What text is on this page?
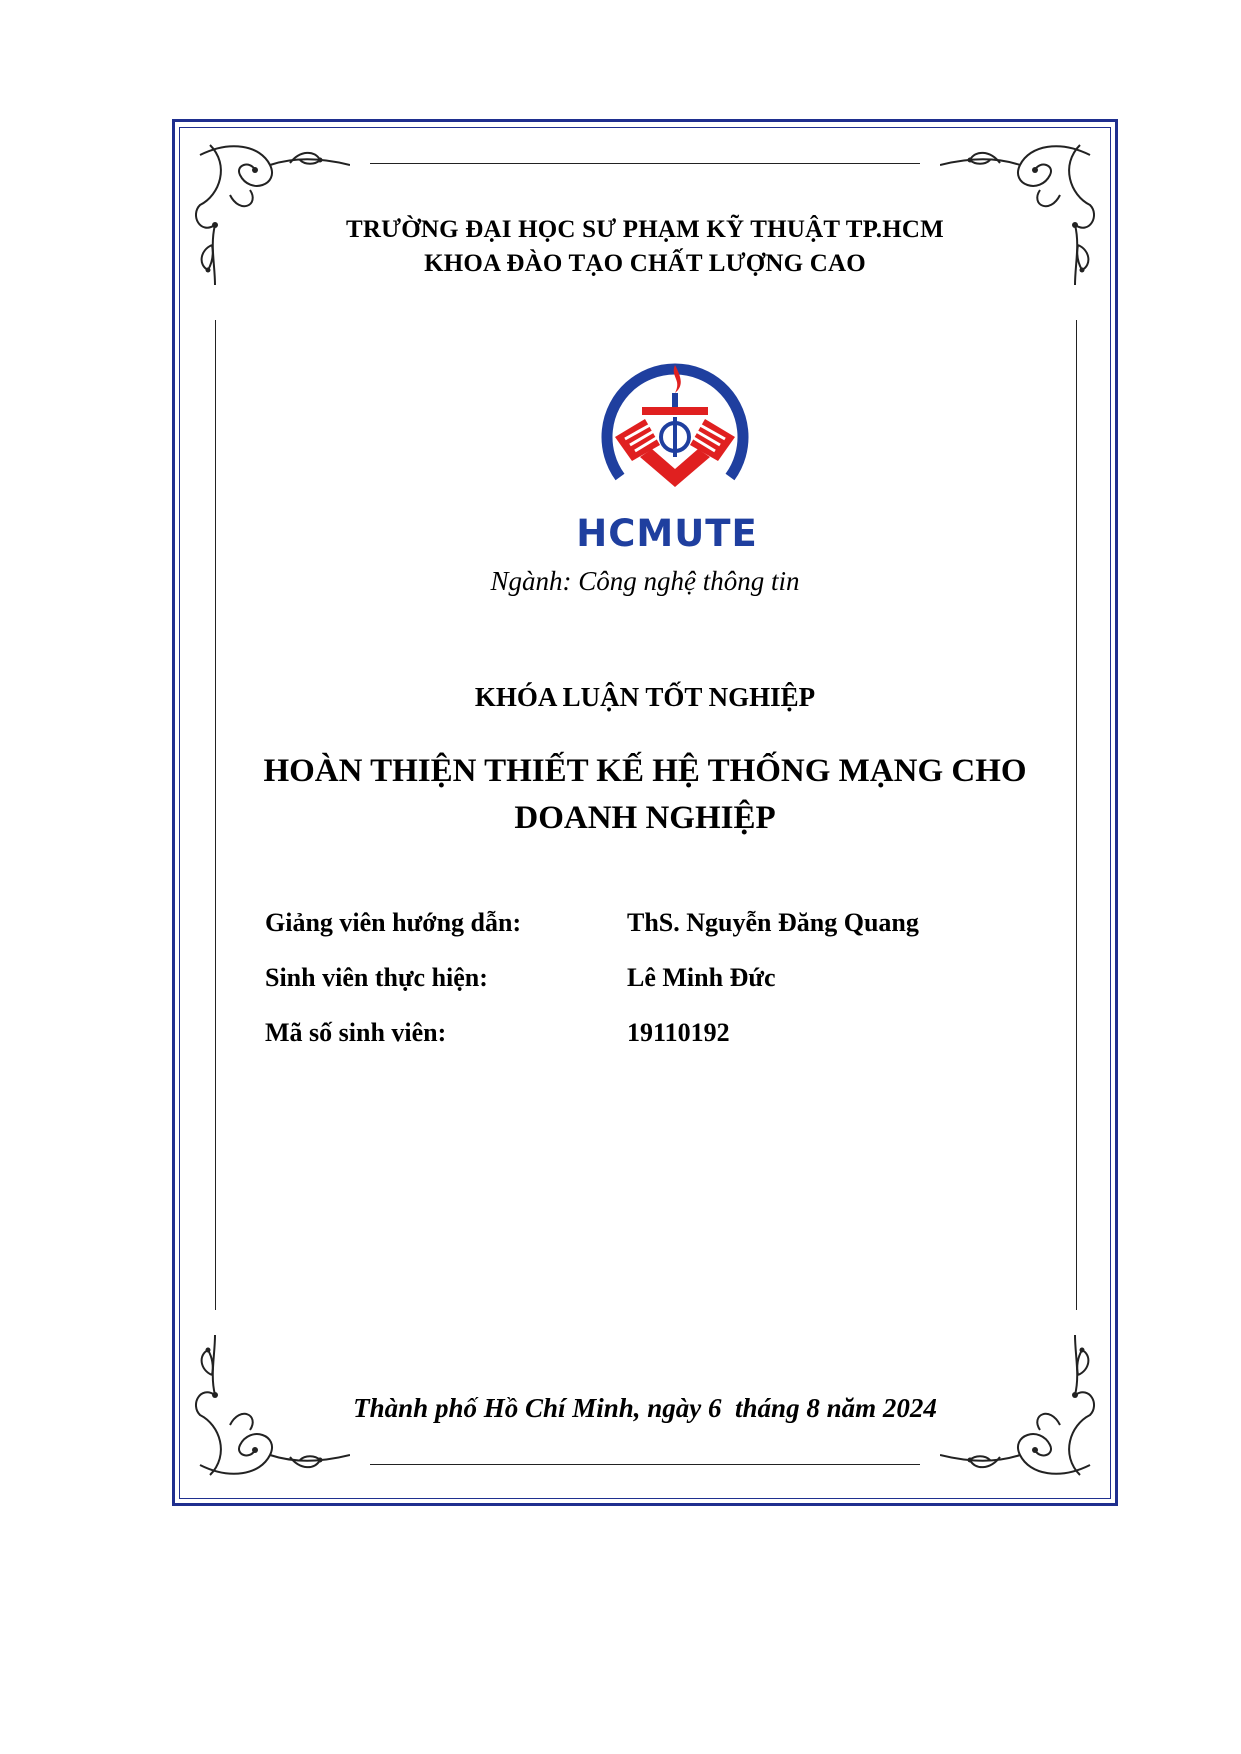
TRƯỜNG ĐẠI HỌC SƯ PHẠM KỸ THUẬT TP.HCM
KHOA ĐÀO TẠO CHẤT LƯỢNG CAO
HCMUTE
Ngành: Công nghệ thông tin
KHÓA LUẬN TỐT NGHIỆP
HOÀN THIỆN THIẾT KẾ HỆ THỐNG MẠNG CHO
DOANH NGHIỆP
Giảng viên hướng dẫn:	ThS. Nguyễn Đăng Quang
Sinh viên thực hiện:	Lê Minh Đức
Mã số sinh viên:	19110192
Thành phố Hồ Chí Minh, ngày 6  tháng 8 năm 2024
